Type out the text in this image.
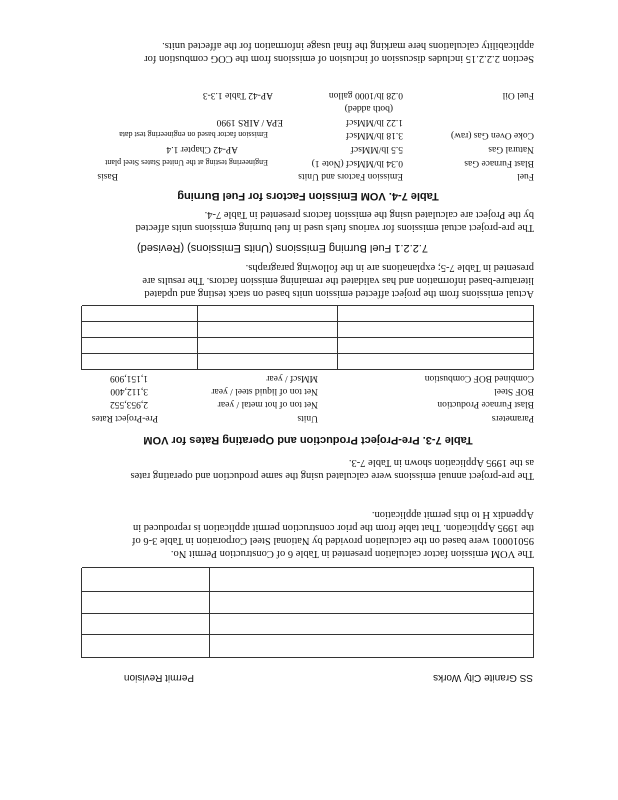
SS Granite City Works
Permit Revision
The VOM emission factor calculation presented in Table 6 of Construction Permit No.
95010001 were based on the calculation provided by National Steel Corporation in Table 3-6 of
the 1995 Application. That table from the prior construction permit application is reproduced in
Appendix H to this permit application.
The pre-project annual emissions were calculated using the same production and operating rates
as the 1995 Application shown in Table 7-3.
Table 7-3. Pre-Project Production and Operating Rates for VOM
Parameters
Units
Pre-Project Rates
Blast Furnace Production
Net ton of hot metal / year
2,953,552
BOF Steel
Net ton of liquid steel / year
3,112,400
Combined BOF Combustion
MMscf / year
1,151,909
Actual emissions from the project affected emission units based on stack testing and updated
literature-based information and has validated the remaining emission factors. The results are
presented in Table 7-5; explanations are in the following paragraphs.
7.2.2.1 Fuel Burning Emissions (Units Emissions) (Revised)
The pre-project actual emissions for various fuels used in fuel burning emissions units affected
by the Project are calculated using the emission factors presented in Table 7-4.
Table 7-4. VOM Emission Factors for Fuel Burning
Fuel
Emission Factors and Units
Basis
Blast Furnace Gas
0.34 lb/MMscf (Note 1)
Engineering testing at the United States Steel plant
Natural Gas
5.5 lb/MMscf
AP-42 Chapter 1.4
Coke Oven Gas (raw)
3.18 lb/MMscf
Emission factor based on engineering test data
1.22 lb/MMscf
EPA / AIRS 1990
(both added)
Fuel Oil
0.28 lb/1000 gallon
AP-42 Table 1.3-3
Section 2.2.2.15 includes discussion of inclusion of emissions from the COG combustion for
applicability calculations here marking the final usage information for the affected units.
